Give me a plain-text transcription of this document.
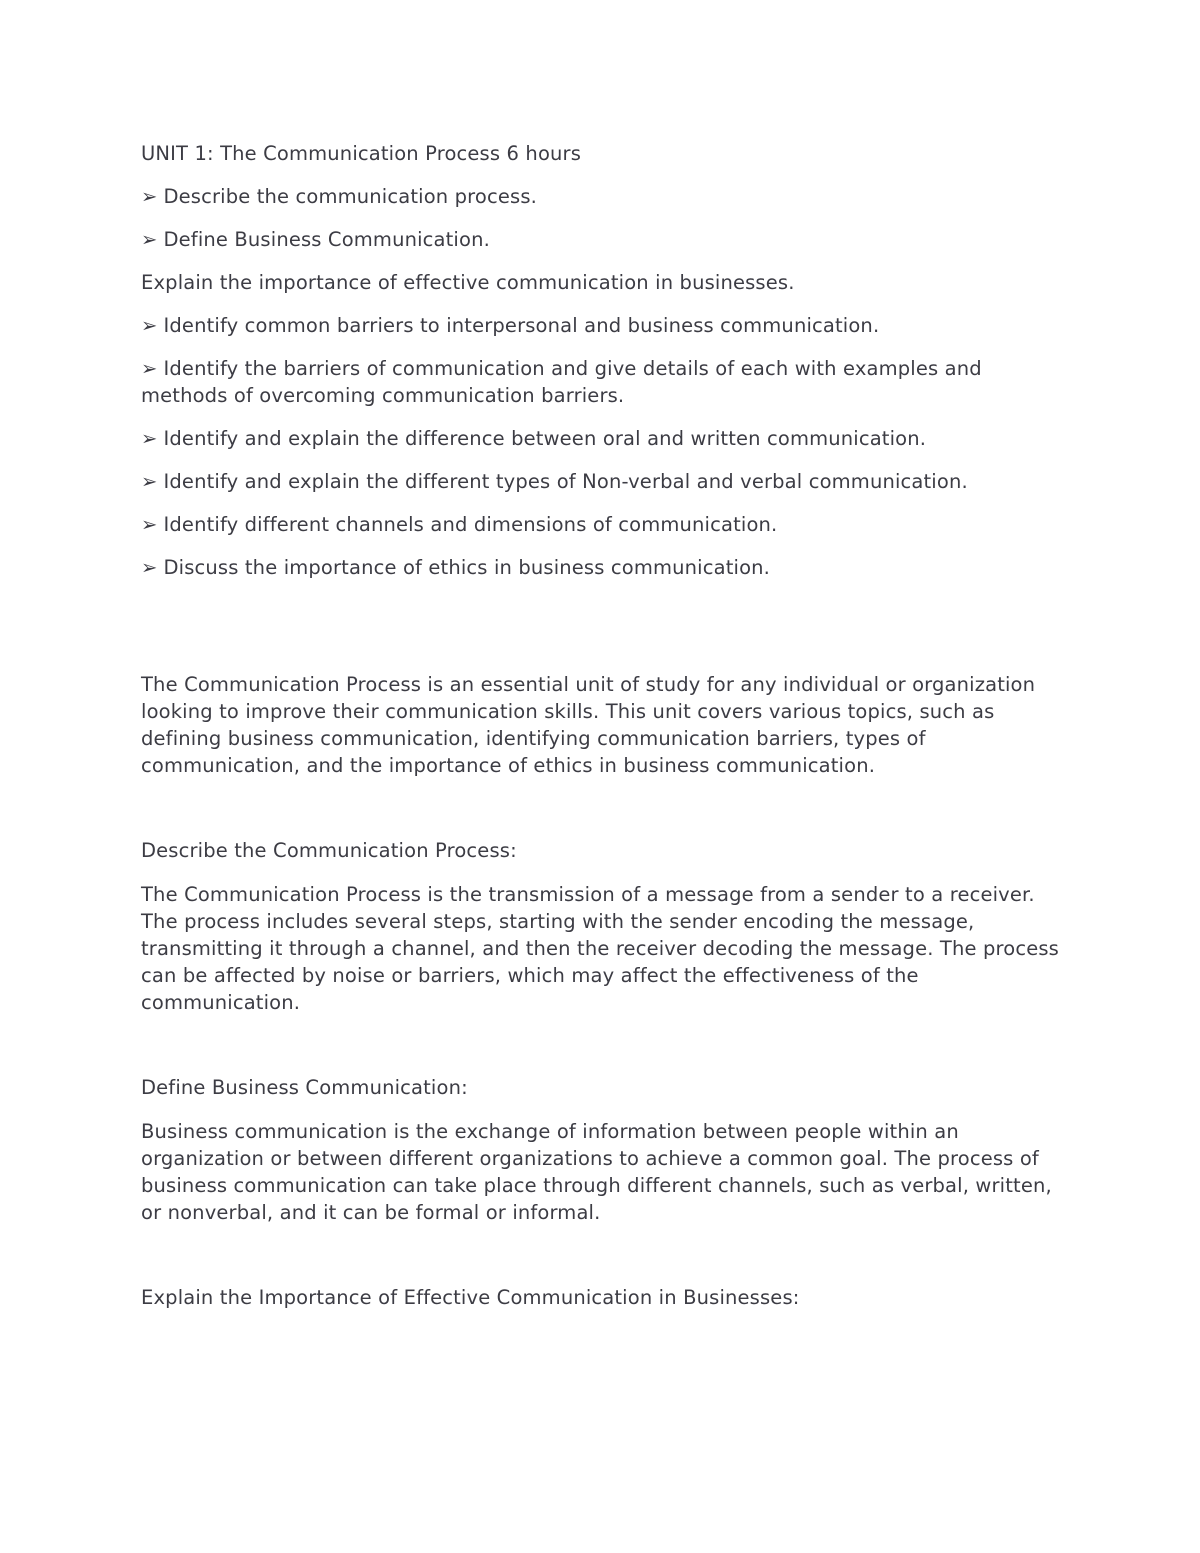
UNIT 1: The Communication Process 6 hours

➢ Describe the communication process.

➢ Define Business Communication.

Explain the importance of effective communication in businesses.

➢ Identify common barriers to interpersonal and business communication.

➢ Identify the barriers of communication and give details of each with examples and methods of overcoming communication barriers.

➢ Identify and explain the difference between oral and written communication.

➢ Identify and explain the different types of Non-verbal and verbal communication.

➢ Identify different channels and dimensions of communication.

➢ Discuss the importance of ethics in business communication.

The Communication Process is an essential unit of study for any individual or organization looking to improve their communication skills. This unit covers various topics, such as defining business communication, identifying communication barriers, types of communication, and the importance of ethics in business communication.

Describe the Communication Process:

The Communication Process is the transmission of a message from a sender to a receiver. The process includes several steps, starting with the sender encoding the message, transmitting it through a channel, and then the receiver decoding the message. The process can be affected by noise or barriers, which may affect the effectiveness of the communication.

Define Business Communication:

Business communication is the exchange of information between people within an organization or between different organizations to achieve a common goal. The process of business communication can take place through different channels, such as verbal, written, or nonverbal, and it can be formal or informal.

Explain the Importance of Effective Communication in Businesses:
